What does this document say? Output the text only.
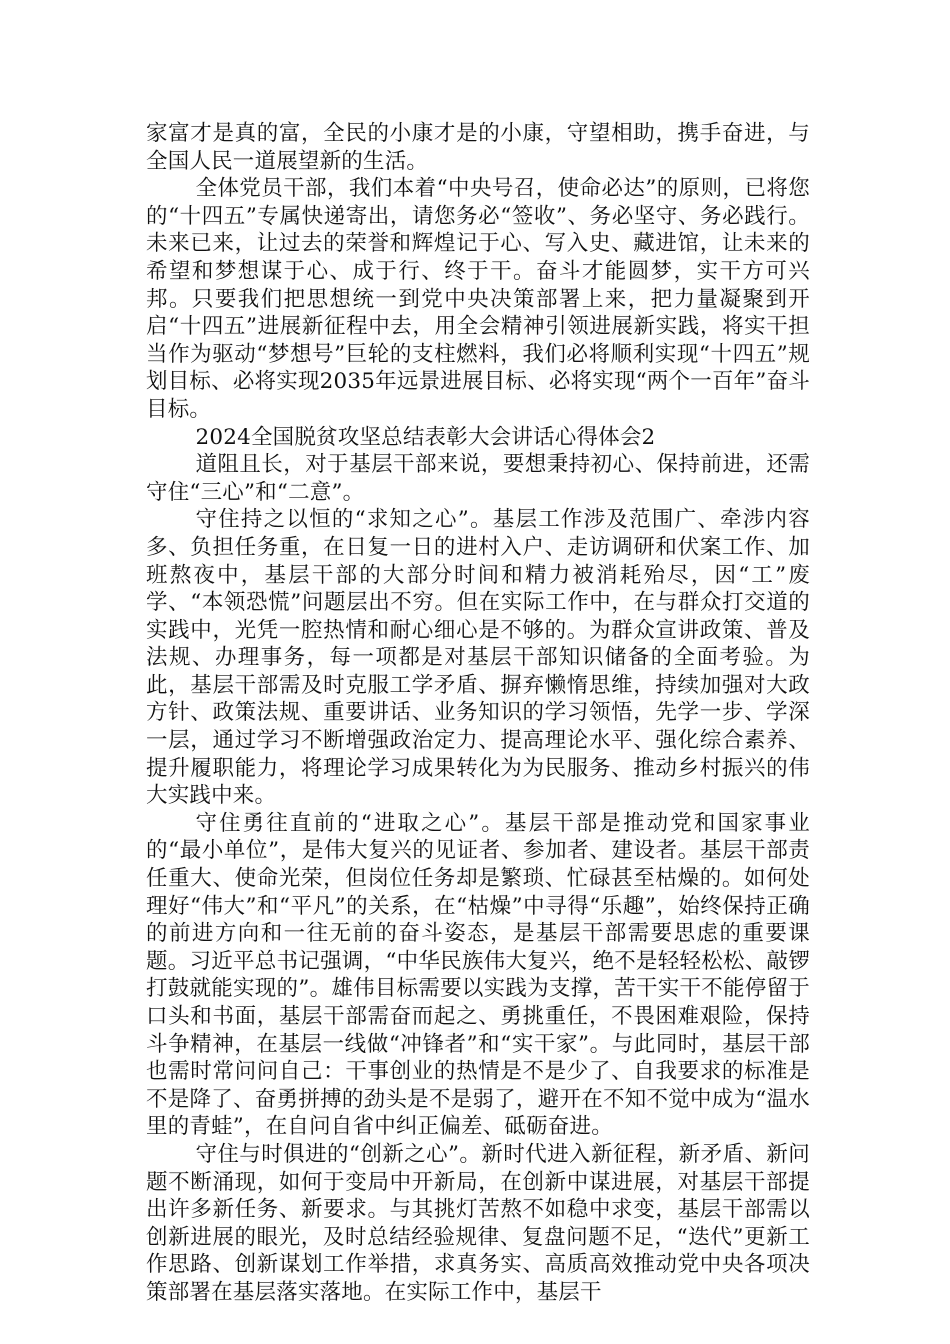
家富才是真的富，全民的小康才是的小康，守望相助，携手奋进，与全国人民一道展望新的生活。

全体党员干部，我们本着“中央号召，使命必达”的原则，已将您的“十四五”专属快递寄出，请您务必“签收”、务必坚守、务必践行。未来已来，让过去的荣誉和辉煌记于心、写入史、藏进馆，让未来的希望和梦想谋于心、成于行、终于干。奋斗才能圆梦，实干方可兴邦。只要我们把思想统一到党中央决策部署上来，把力量凝聚到开启“十四五”进展新征程中去，用全会精神引领进展新实践，将实干担当作为驱动“梦想号”巨轮的支柱燃料，我们必将顺利实现“十四五”规划目标、必将实现2035年远景进展目标、必将实现“两个一百年”奋斗目标。

2024全国脱贫攻坚总结表彰大会讲话心得体会2

道阻且长，对于基层干部来说，要想秉持初心、保持前进，还需守住“三心”和“二意”。

守住持之以恒的“求知之心”。基层工作涉及范围广、牵涉内容多、负担任务重，在日复一日的进村入户、走访调研和伏案工作、加班熬夜中，基层干部的大部分时间和精力被消耗殆尽，因“工”废学、“本领恐慌”问题层出不穷。但在实际工作中，在与群众打交道的实践中，光凭一腔热情和耐心细心是不够的。为群众宣讲政策、普及法规、办理事务，每一项都是对基层干部知识储备的全面考验。为此，基层干部需及时克服工学矛盾、摒弃懒惰思维，持续加强对大政方针、政策法规、重要讲话、业务知识的学习领悟，先学一步、学深一层，通过学习不断增强政治定力、提高理论水平、强化综合素养、提升履职能力，将理论学习成果转化为为民服务、推动乡村振兴的伟大实践中来。

守住勇往直前的“进取之心”。基层干部是推动党和国家事业的“最小单位”，是伟大复兴的见证者、参加者、建设者。基层干部责任重大、使命光荣，但岗位任务却是繁琐、忙碌甚至枯燥的。如何处理好“伟大”和“平凡”的关系，在“枯燥”中寻得“乐趣”，始终保持正确的前进方向和一往无前的奋斗姿态，是基层干部需要思虑的重要课题。习近平总书记强调，“中华民族伟大复兴，绝不是轻轻松松、敲锣打鼓就能实现的”。雄伟目标需要以实践为支撑，苦干实干不能停留于口头和书面，基层干部需奋而起之、勇挑重任，不畏困难艰险，保持斗争精神，在基层一线做“冲锋者”和“实干家”。与此同时，基层干部也需时常问问自己：干事创业的热情是不是少了、自我要求的标准是不是降了、奋勇拼搏的劲头是不是弱了，避开在不知不觉中成为“温水里的青蛙”，在自问自省中纠正偏差、砥砺奋进。

守住与时俱进的“创新之心”。新时代进入新征程，新矛盾、新问题不断涌现，如何于变局中开新局，在创新中谋进展，对基层干部提出许多新任务、新要求。与其挑灯苦熬不如稳中求变，基层干部需以创新进展的眼光，及时总结经验规律、复盘问题不足，“迭代”更新工作思路、创新谋划工作举措，求真务实、高质高效推动党中央各项决策部署在基层落实落地。在实际工作中，基层干
